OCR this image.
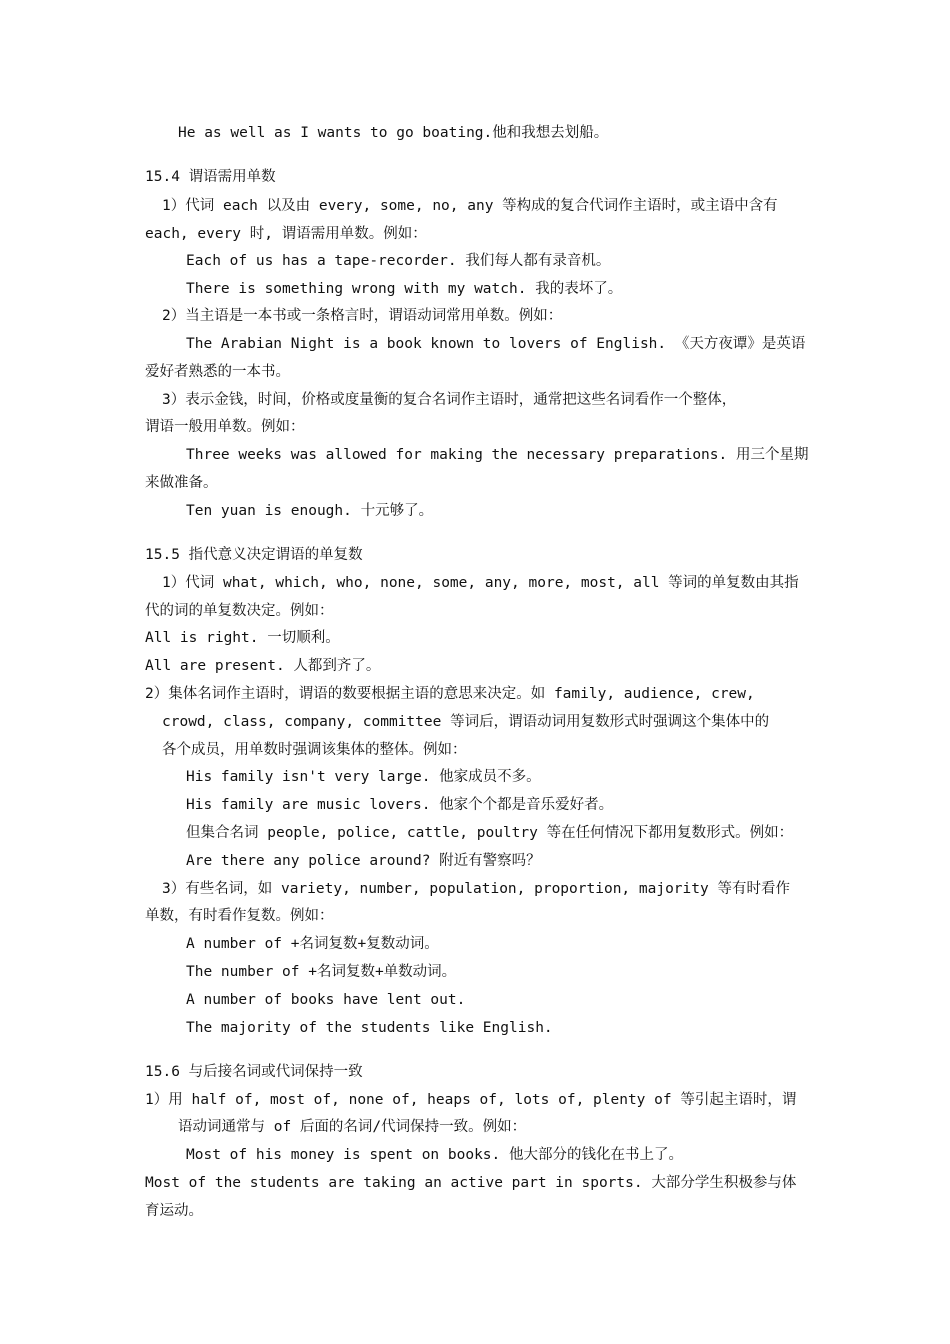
He as well as I wants to go boating.他和我想去划船。
15.4 谓语需用单数
1）代词 each 以及由 every, some, no, any 等构成的复合代词作主语时，或主语中含有
each, every 时, 谓语需用单数。例如：
Each of us has a tape-recorder. 我们每人都有录音机。
There is something wrong with my watch. 我的表坏了。
2）当主语是一本书或一条格言时，谓语动词常用单数。例如：
The Arabian Night is a book known to lovers of English. 《天方夜谭》是英语
爱好者熟悉的一本书。
3）表示金钱，时间，价格或度量衡的复合名词作主语时，通常把这些名词看作一个整体，
谓语一般用单数。例如：
Three weeks was allowed for making the necessary preparations. 用三个星期
来做准备。
Ten yuan is enough. 十元够了。
15.5 指代意义决定谓语的单复数
1）代词 what, which, who, none, some, any, more, most, all 等词的单复数由其指
代的词的单复数决定。例如：
All is right. 一切顺利。
All are present. 人都到齐了。
2）集体名词作主语时，谓语的数要根据主语的意思来决定。如 family, audience, crew,
crowd, class, company, committee 等词后，谓语动词用复数形式时强调这个集体中的
各个成员，用单数时强调该集体的整体。例如：
His family isn't very large. 他家成员不多。
His family are music lovers. 他家个个都是音乐爱好者。
但集合名词 people, police, cattle, poultry 等在任何情况下都用复数形式。例如：
Are there any police around? 附近有警察吗？
3）有些名词，如 variety, number, population, proportion, majority 等有时看作
单数，有时看作复数。例如：
A number of +名词复数+复数动词。
The number of +名词复数+单数动词。
A number of books have lent out.
The majority of the students like English.
15.6 与后接名词或代词保持一致
1）用 half of, most of, none of, heaps of, lots of, plenty of 等引起主语时，谓
语动词通常与 of 后面的名词/代词保持一致。例如：
Most of his money is spent on books. 他大部分的钱化在书上了。
Most of the students are taking an active part in sports. 大部分学生积极参与体
育运动。
